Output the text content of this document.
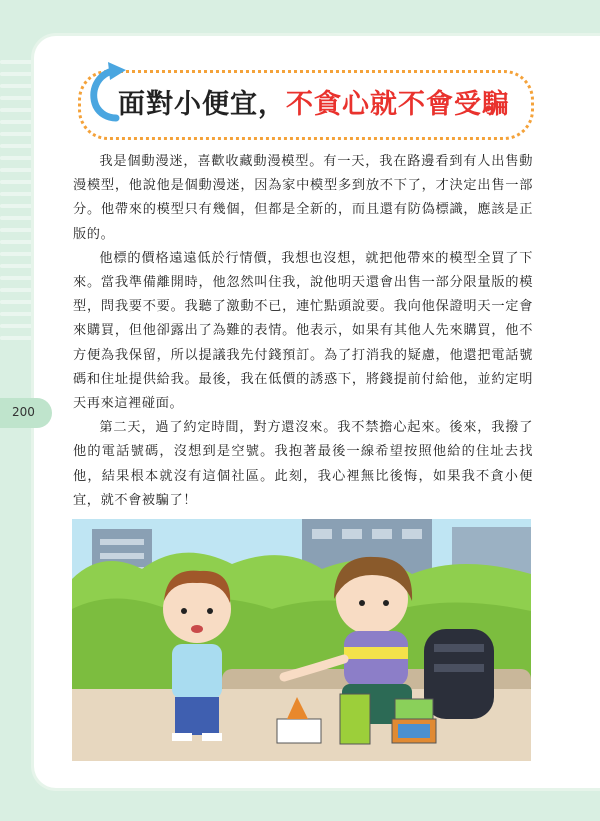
面對小便宜，不貪心就不會受騙

我是個動漫迷，喜歡收藏動漫模型。有一天，我在路邊看到有人出售動漫模型，他說他是個動漫迷，因為家中模型多到放不下了，才決定出售一部分。他帶來的模型只有幾個，但都是全新的，而且還有防偽標識，應該是正版的。

他標的價格遠遠低於行情價，我想也沒想，就把他帶來的模型全買了下來。當我準備離開時，他忽然叫住我，說他明天還會出售一部分限量版的模型，問我要不要。我聽了激動不已，連忙點頭說要。我向他保證明天一定會來購買，但他卻露出了為難的表情。他表示，如果有其他人先來購買，他不方便為我保留，所以提議我先付錢預訂。為了打消我的疑慮，他還把電話號碼和住址提供給我。最後，我在低價的誘惑下，將錢提前付給他，並約定明天再來這裡碰面。

第二天，過了約定時間，對方還沒來。我不禁擔心起來。後來，我撥了他的電話號碼，沒想到是空號。我抱著最後一線希望按照他給的住址去找他，結果根本就沒有這個社區。此刻，我心裡無比後悔，如果我不貪小便宜，就不會被騙了！

200
